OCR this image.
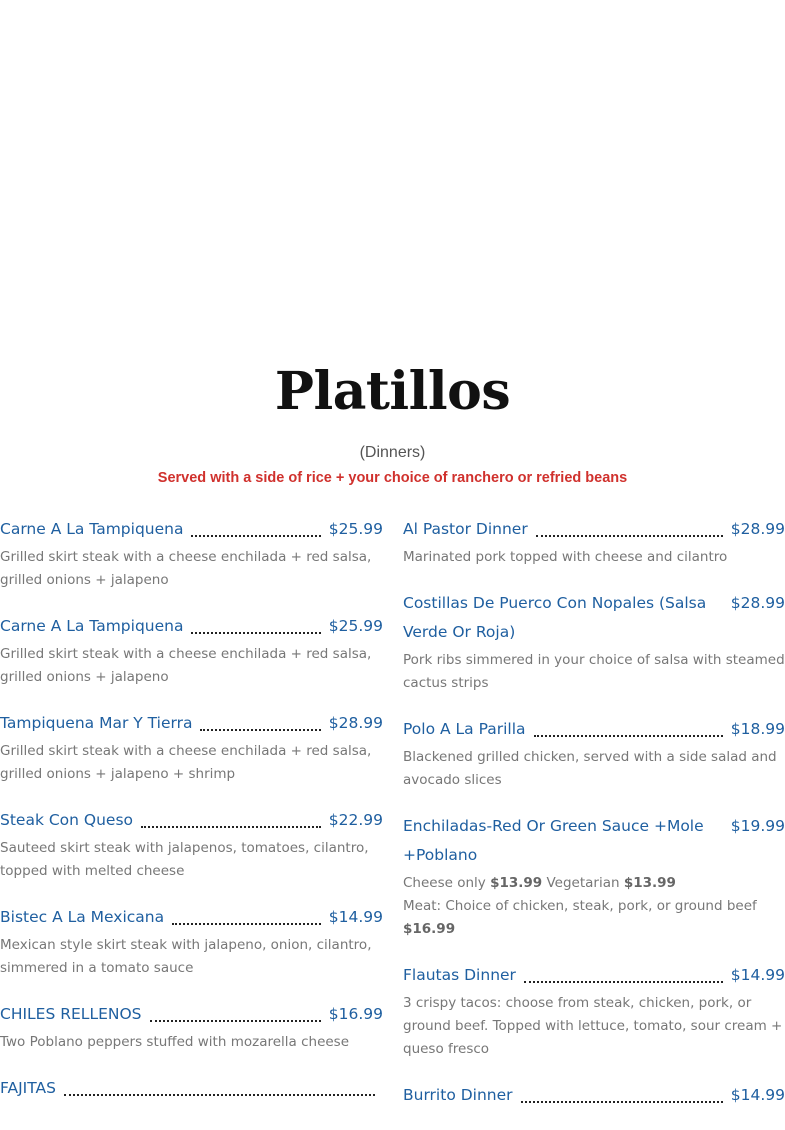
Platillos
(Dinners)
Served with a side of rice + your choice of ranchero or refried beans
Carne A La Tampiquena	$25.99
Grilled skirt steak with a cheese enchilada + red salsa, grilled onions + jalapeno
Carne A La Tampiquena	$25.99
Grilled skirt steak with a cheese enchilada + red salsa, grilled onions + jalapeno
Tampiquena Mar Y Tierra	$28.99
Grilled skirt steak with a cheese enchilada + red salsa, grilled onions + jalapeno + shrimp
Steak Con Queso	$22.99
Sauteed skirt steak with jalapenos, tomatoes, cilantro, topped with melted cheese
Bistec A La Mexicana	$14.99
Mexican style skirt steak with jalapeno, onion, cilantro, simmered in a tomato sauce
CHILES RELLENOS	$16.99
Two Poblano peppers stuffed with mozarella cheese
FAJITAS
Al Pastor Dinner	$28.99
Marinated pork topped with cheese and cilantro
Costillas De Puerco Con Nopales (Salsa Verde Or Roja)
$28.99
Pork ribs simmered in your choice of salsa with steamed cactus strips
Polo A La Parilla	$18.99
Blackened grilled chicken, served with a side salad and avocado slices
Enchiladas-Red Or Green Sauce +Mole +Poblano
$19.99
Cheese only $13.99 Vegetarian $13.99
Meat: Choice of chicken, steak, pork, or ground beef $16.99
Flautas Dinner	$14.99
3 crispy tacos: choose from steak, chicken, pork, or ground beef. Topped with lettuce, tomato, sour cream + queso fresco
Burrito Dinner	$14.99
